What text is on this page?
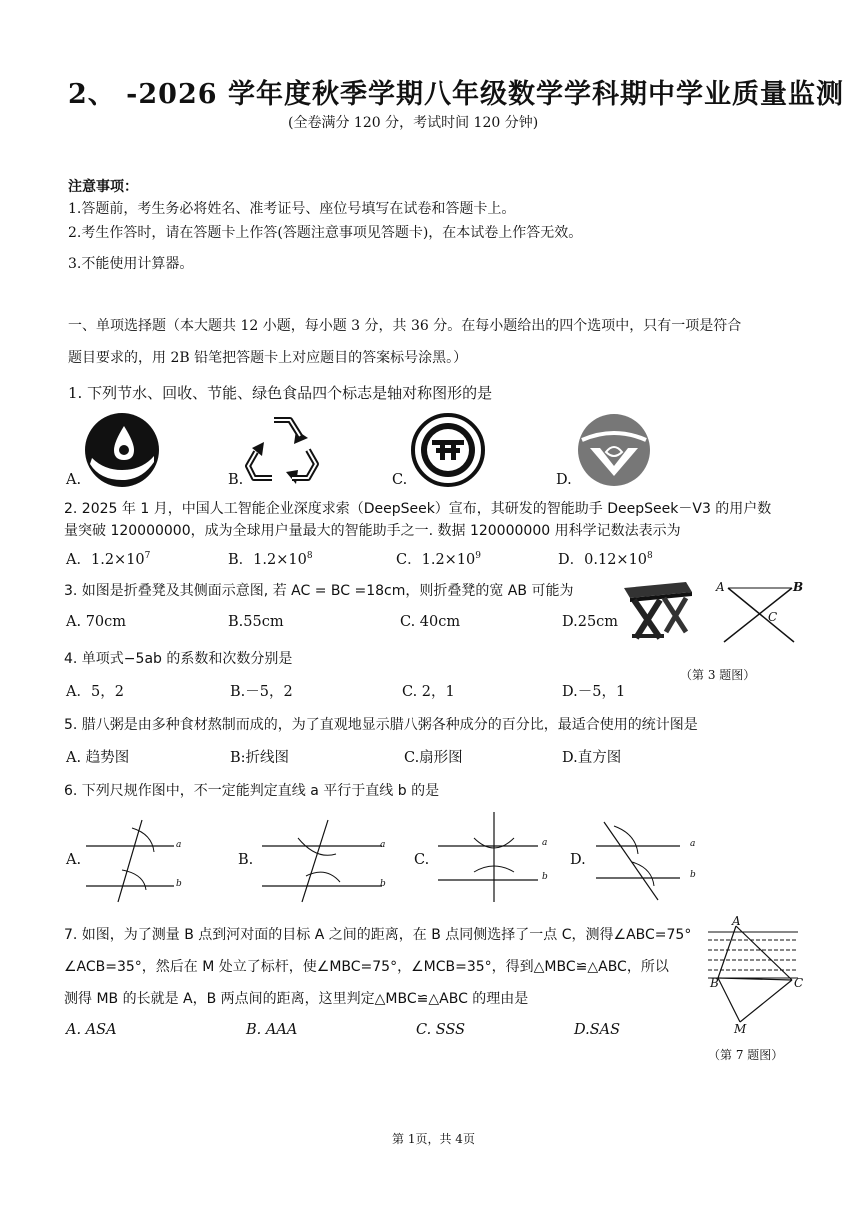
2、 -2026 学年度秋季学期八年级数学学科期中学业质量监测
(全卷满分 120 分，考试时间 120 分钟)
注意事项：
1.答题前，考生务必将姓名、准考证号、座位号填写在试卷和答题卡上。
2.考生作答时，请在答题卡上作答(答题注意事项见答题卡)，在本试卷上作答无效。
3.不能使用计算器。
一、单项选择题（本大题共 12 小题，每小题 3 分，共 36 分。在每小题给出的四个选项中，只有一项是符合
题目要求的，用 2B 铅笔把答题卡上对应题目的答案标号涂黑。）
1. 下列节水、回收、节能、绿色食品四个标志是轴对称图形的是
A.	B.	C.	D.
2. 2025 年 1 月，中国人工智能企业深度求索（DeepSeek）宣布，其研发的智能助手 DeepSeek－V3 的用户数
量突破 120000000，成为全球用户量最大的智能助手之一. 数据 120000000 用科学记数法表示为
A．$1.2\times 10^7$	B．$1.2\times 10^8$	C．$1.2\times 10^9$	D．$0.12\times 10^8$
3. 如图是折叠凳及其侧面示意图, 若 AC = BC =18cm，则折叠凳的宽 AB 可能为
A. 70cm	B.55cm	C. 40cm	D.25cm
A	B
C
（第 3 题图）
4. 单项式−5ab 的系数和次数分别是
A．5，2	B.－5，2	C. 2，1	D.－5，1
5. 腊八粥是由多种食材熬制而成的，为了直观地显示腊八粥各种成分的百分比，最适合使用的统计图是
A. 趋势图	B:折线图	C.扇形图	D.直方图
6. 下列尺规作图中，不一定能判定直线 a 平行于直线 b 的是
A.
a
b
B.
a
b
C.
a
b
D.
a
b
7. 如图，为了测量 B 点到河对面的目标 A 之间的距离，在 B 点同侧选择了一点 C，测得∠ABC=75°
∠ACB=35°，然后在 M 处立了标杆，使∠MBC=75°，∠MCB=35°，得到△MBC≌△ABC，所以
测得 MB 的长就是 A，B 两点间的距离，这里判定△MBC≌△ABC 的理由是
A. ASA	B. AAA	C. SSS	D.SAS
A
B	C
M
（第 7 题图）
第 1页，共 4页
